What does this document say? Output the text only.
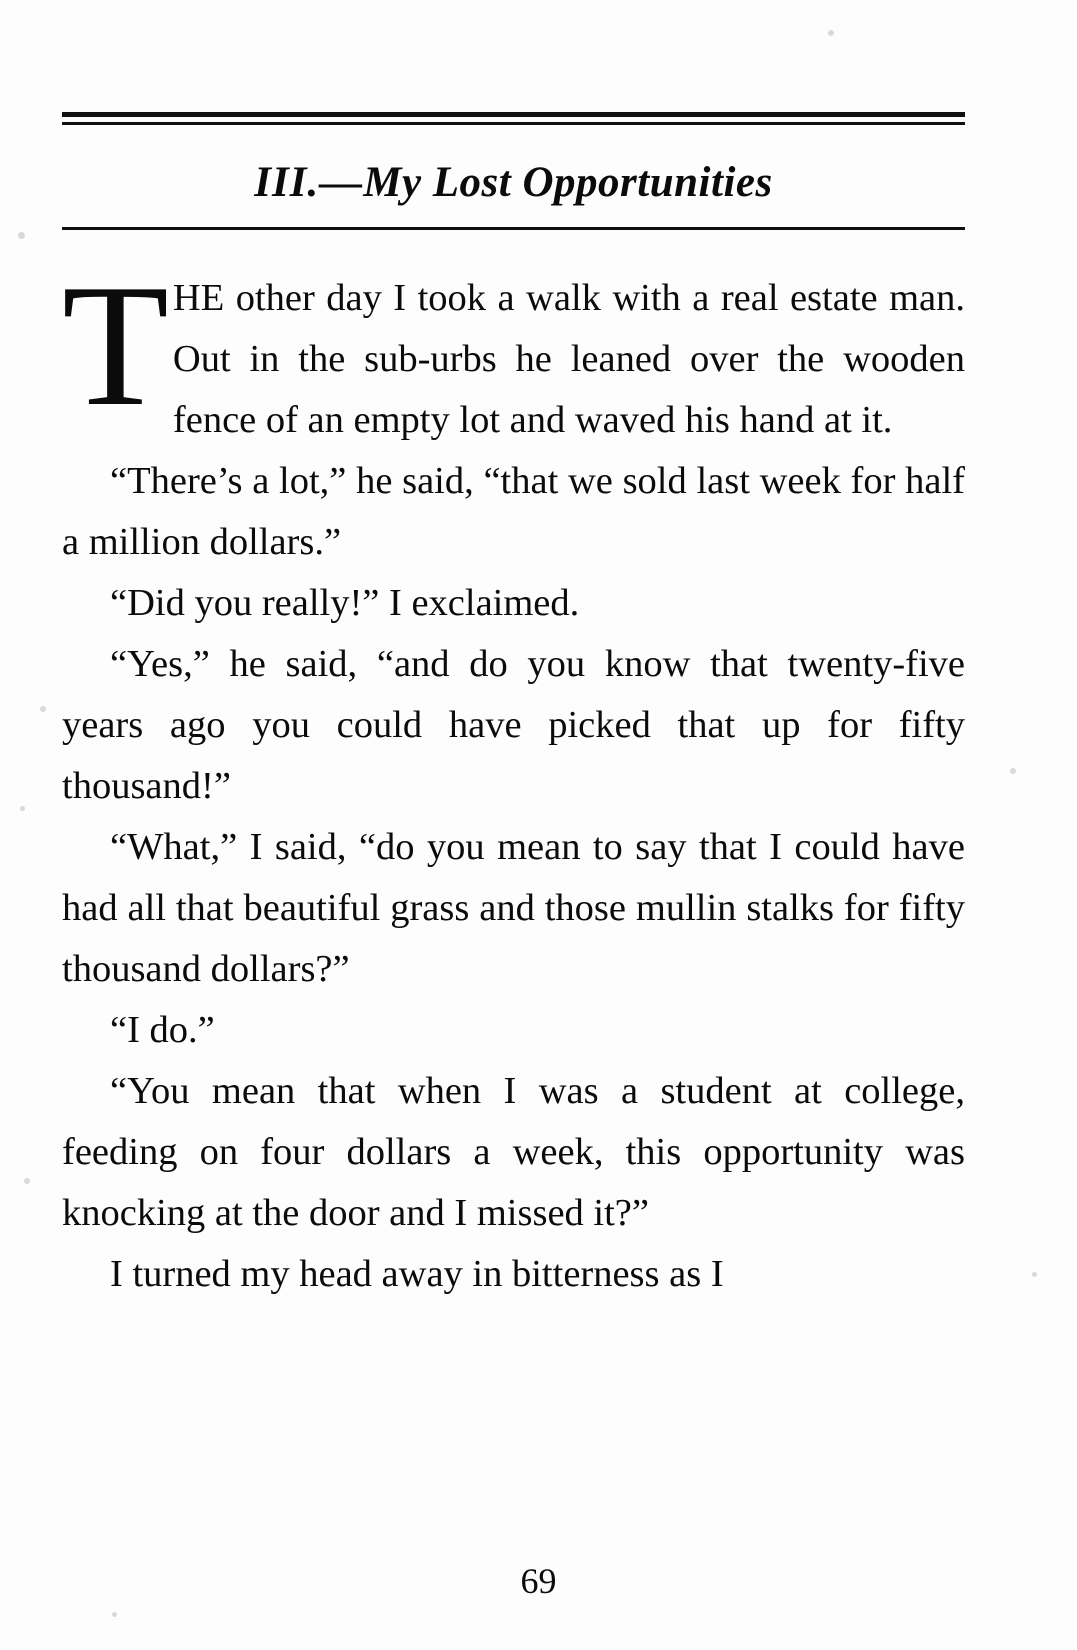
III.—My Lost Opportunities
T HE other day I took a walk with a real estate man. Out in the sub-urbs he leaned over the wooden fence of an empty lot and waved his hand at it.

“There’s a lot,” he said, “that we sold last week for half a million dollars.”

“Did you really!” I exclaimed.

“Yes,” he said, “and do you know that twenty-five years ago you could have picked that up for fifty thousand!”

“What,” I said, “do you mean to say that I could have had all that beautiful grass and those mullin stalks for fifty thousand dollars?”

“I do.”

“You mean that when I was a student at college, feeding on four dollars a week, this opportunity was knocking at the door and I missed it?”

I turned my head away in bitterness as I

69
